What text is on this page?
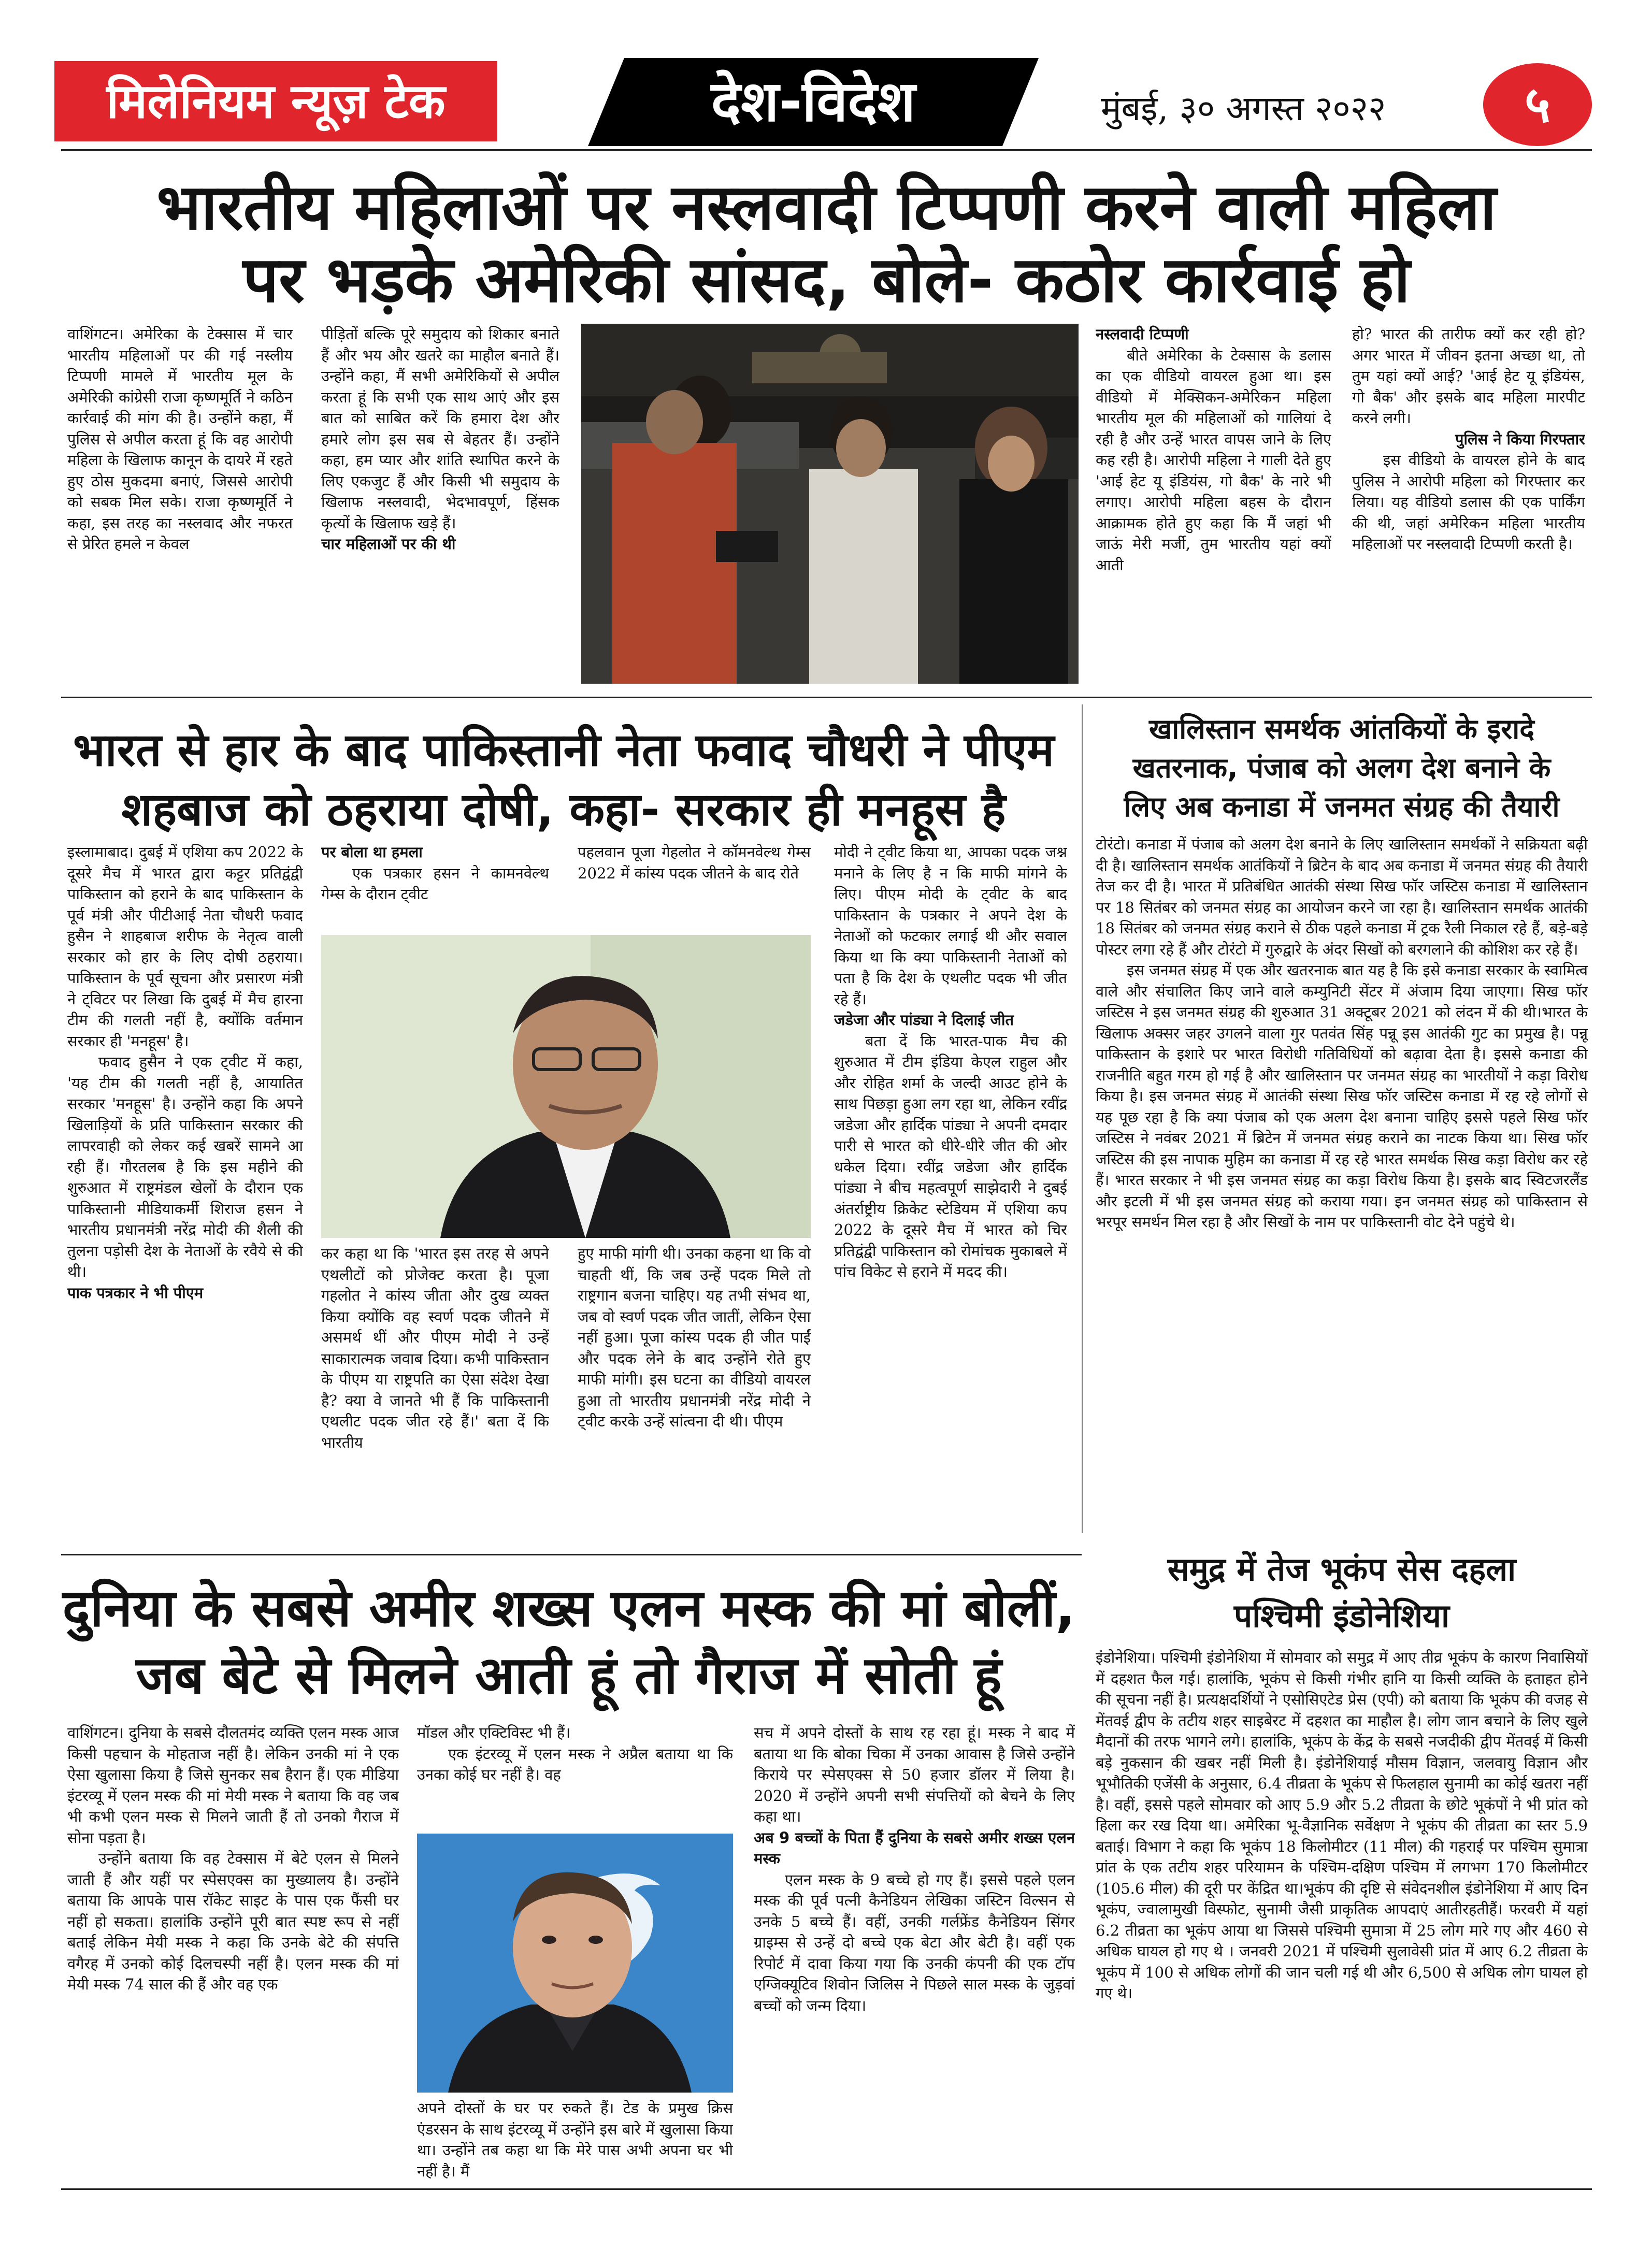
मिलेनियम न्यूज़ टेक	देश-विदेश	मुंबई, ३० अगस्त २०२२	५
भारतीय महिलाओं पर नस्लवादी टिप्पणी करने वाली महिला
पर भड़के अमेरिकी सांसद, बोले- कठोर कार्रवाई हो

वाशिंगटन। अमेरिका के टेक्सास में चार भारतीय महिलाओं पर की गई नस्लीय टिप्पणी मामले में भारतीय मूल के अमेरिकी कांग्रेसी राजा कृष्णमूर्ति ने कठिन कार्रवाई की मांग की है। उन्होंने कहा, मैं पुलिस से अपील करता हूं कि वह आरोपी महिला के खिलाफ कानून के दायरे में रहते हुए ठोस मुकदमा बनाएं, जिससे आरोपी को सबक मिल सके। राजा कृष्णमूर्ति ने कहा, इस तरह का नस्लवाद और नफरत से प्रेरित हमले न केवल

पीड़ितों बल्कि पूरे समुदाय को शिकार बनाते हैं और भय और खतरे का माहौल बनाते हैं। उन्होंने कहा, मैं सभी अमेरिकियों से अपील करता हूं कि सभी एक साथ आएं और इस बात को साबित करें कि हमारा देश और हमारे लोग इस सब से बेहतर हैं। उन्होंने कहा, हम प्यार और शांति स्थापित करने के लिए एकजुट हैं और किसी भी समुदाय के खिलाफ नस्लवादी, भेदभावपूर्ण, हिंसक कृत्यों के खिलाफ खड़े हैं।

चार महिलाओं पर की थी
नस्लवादी टिप्पणी

बीते अमेरिका के टेक्सास के डलास का एक वीडियो वायरल हुआ था। इस वीडियो में मेक्सिकन-अमेरिकन महिला भारतीय मूल की महिलाओं को गालियां दे रही है और उन्हें भारत वापस जाने के लिए कह रही है। आरोपी महिला ने गाली देते हुए 'आई हेट यू इंडियंस, गो बैक' के नारे भी लगाए। आरोपी महिला बहस के दौरान आक्रामक होते हुए कहा कि मैं जहां भी जाऊं मेरी मर्जी, तुम भारतीय यहां क्यों आती

हो? भारत की तारीफ क्यों कर रही हो? अगर भारत में जीवन इतना अच्छा था, तो तुम यहां क्यों आई? 'आई हेट यू इंडियंस, गो बैक' और इसके बाद महिला मारपीट करने लगी।

पुलिस ने किया गिरफ्तार

इस वीडियो के वायरल होने के बाद पुलिस ने आरोपी महिला को गिरफ्तार कर लिया। यह वीडियो डलास की एक पार्किंग की थी, जहां अमेरिकन महिला भारतीय महिलाओं पर नस्लवादी टिप्पणी करती है।

भारत से हार के बाद पाकिस्तानी नेता फवाद चौधरी ने पीएम
शहबाज को ठहराया दोषी, कहा- सरकार ही मनहूस है

इस्लामाबाद। दुबई में एशिया कप 2022 के दूसरे मैच में भारत द्वारा कट्टर प्रतिद्वंद्वी पाकिस्तान को हराने के बाद पाकिस्तान के पूर्व मंत्री और पीटीआई नेता चौधरी फवाद हुसैन ने शाहबाज शरीफ के नेतृत्व वाली सरकार को हार के लिए दोषी ठहराया। पाकिस्तान के पूर्व सूचना और प्रसारण मंत्री ने ट्विटर पर लिखा कि दुबई में मैच हारना टीम की गलती नहीं है, क्योंकि वर्तमान सरकार ही 'मनहूस' है।

फवाद हुसैन ने एक ट्वीट में कहा, 'यह टीम की गलती नहीं है, आयातित सरकार 'मनहूस' है। उन्होंने कहा कि अपने खिलाड़ियों के प्रति पाकिस्तान सरकार की लापरवाही को लेकर कई खबरें सामने आ रही हैं। गौरतलब है कि इस महीने की शुरुआत में राष्ट्रमंडल खेलों के दौरान एक पाकिस्तानी मीडियाकर्मी शिराज हसन ने भारतीय प्रधानमंत्री नरेंद्र मोदी की शैली की तुलना पड़ोसी देश के नेताओं के रवैये से की थी।

पाक पत्रकार ने भी पीएम
पर बोला था हमला

एक पत्रकार हसन ने कामनवेल्थ गेम्स के दौरान ट्वीट

पहलवान पूजा गेहलोत ने कॉमनवेल्थ गेम्स 2022 में कांस्य पदक जीतने के बाद रोते

कर कहा था कि 'भारत इस तरह से अपने एथलीटों को प्रोजेक्ट करता है। पूजा गहलोत ने कांस्य जीता और दुख व्यक्त किया क्योंकि वह स्वर्ण पदक जीतने में असमर्थ थीं और पीएम मोदी ने उन्हें साकारात्मक जवाब दिया। कभी पाकिस्तान के पीएम या राष्ट्रपति का ऐसा संदेश देखा है? क्या वे जानते भी हैं कि पाकिस्तानी एथलीट पदक जीत रहे हैं।' बता दें कि भारतीय

हुए माफी मांगी थी। उनका कहना था कि वो चाहती थीं, कि जब उन्हें पदक मिले तो राष्ट्रगान बजना चाहिए। यह तभी संभव था, जब वो स्वर्ण पदक जीत जातीं, लेकिन ऐसा नहीं हुआ। पूजा कांस्य पदक ही जीत पाईं और पदक लेने के बाद उन्होंने रोते हुए माफी मांगी। इस घटना का वीडियो वायरल हुआ तो भारतीय प्रधानमंत्री नरेंद्र मोदी ने ट्वीट करके उन्हें सांत्वना दी थी। पीएम

मोदी ने ट्वीट किया था, आपका पदक जश्न मनाने के लिए है न कि माफी मांगने के लिए। पीएम मोदी के ट्वीट के बाद पाकिस्तान के पत्रकार ने अपने देश के नेताओं को फटकार लगाई थी और सवाल किया था कि क्या पाकिस्तानी नेताओं को पता है कि देश के एथलीट पदक भी जीत रहे हैं।

जडेजा और पांड्या ने दिलाई जीत

बता दें कि भारत-पाक मैच की शुरुआत में टीम इंडिया केएल राहुल और और रोहित शर्मा के जल्दी आउट होने के साथ पिछड़ा हुआ लग रहा था, लेकिन रवींद्र जडेजा और हार्दिक पांड्या ने अपनी दमदार पारी से भारत को धीरे-धीरे जीत की ओर धकेल दिया। रवींद्र जडेजा और हार्दिक पांड्या ने बीच महत्वपूर्ण साझेदारी ने दुबई अंतर्राष्ट्रीय क्रिकेट स्टेडियम में एशिया कप 2022 के दूसरे मैच में भारत को चिर प्रतिद्वंद्वी पाकिस्तान को रोमांचक मुकाबले में पांच विकेट से हराने में मदद की।

खालिस्तान समर्थक आंतकियों के इरादे
खतरनाक, पंजाब को अलग देश बनाने के
लिए अब कनाडा में जनमत संग्रह की तैयारी

टोरंटो। कनाडा में पंजाब को अलग देश बनाने के लिए खालिस्तान समर्थकों ने सक्रियता बढ़ी दी है। खालिस्तान समर्थक आतंकियों ने ब्रिटेन के बाद अब कनाडा में जनमत संग्रह की तैयारी तेज कर दी है। भारत में प्रतिबंधित आतंकी संस्था सिख फॉर जस्टिस कनाडा में खालिस्तान पर 18 सितंबर को जनमत संग्रह का आयोजन करने जा रहा है। खालिस्तान समर्थक आतंकी 18 सितंबर को जनमत संग्रह कराने से ठीक पहले कनाडा में ट्रक रैली निकाल रहे हैं, बड़े-बड़े पोस्टर लगा रहे हैं और टोरंटो में गुरुद्वारे के अंदर सिखों को बरगलाने की कोशिश कर रहे हैं।

इस जनमत संग्रह में एक और खतरनाक बात यह है कि इसे कनाडा सरकार के स्वामित्व वाले और संचालित किए जाने वाले कम्युनिटी सेंटर में अंजाम दिया जाएगा। सिख फॉर जस्टिस ने इस जनमत संग्रह की शुरुआत 31 अक्टूबर 2021 को लंदन में की थी।भारत के खिलाफ अक्सर जहर उगलने वाला गुर पतवंत सिंह पन्नू इस आतंकी गुट का प्रमुख है। पन्नू पाकिस्तान के इशारे पर भारत विरोधी गतिविधियों को बढ़ावा देता है। इससे कनाडा की राजनीति बहुत गरम हो गई है और खालिस्तान पर जनमत संग्रह का भारतीयों ने कड़ा विरोध किया है। इस जनमत संग्रह में आतंकी संस्था सिख फॉर जस्टिस कनाडा में रह रहे लोगों से यह पूछ रहा है कि क्या पंजाब को एक अलग देश बनाना चाहिए इससे पहले सिख फॉर जस्टिस ने नवंबर 2021 में ब्रिटेन में जनमत संग्रह कराने का नाटक किया था। सिख फॉर जस्टिस की इस नापाक मुहिम का कनाडा में रह रहे भारत समर्थक सिख कड़ा विरोध कर रहे हैं। भारत सरकार ने भी इस जनमत संग्रह का कड़ा विरोध किया है। इसके बाद स्विटजरलैंड और इटली में भी इस जनमत संग्रह को कराया गया। इन जनमत संग्रह को पाकिस्तान से भरपूर समर्थन मिल रहा है और सिखों के नाम पर पाकिस्तानी वोट देने पहुंचे थे।

समुद्र में तेज भूकंप सेस दहला
पश्चिमी इंडोनेशिया

इंडोनेशिया। पश्चिमी इंडोनेशिया में सोमवार को समुद्र में आए तीव्र भूकंप के कारण निवासियों में दहशत फैल गई। हालांकि, भूकंप से किसी गंभीर हानि या किसी व्यक्ति के हताहत होने की सूचना नहीं है। प्रत्यक्षदर्शियों ने एसोसिएटेड प्रेस (एपी) को बताया कि भूकंप की वजह से मेंतवई द्वीप के तटीय शहर साइबेरट में दहशत का माहौल है। लोग जान बचाने के लिए खुले मैदानों की तरफ भागने लगे। हालांकि, भूकंप के केंद्र के सबसे नजदीकी द्वीप मेंतवई में किसी बड़े नुकसान की खबर नहीं मिली है। इंडोनेशियाई मौसम विज्ञान, जलवायु विज्ञान और भूभौतिकी एजेंसी के अनुसार, 6.4 तीव्रता के भूकंप से फिलहाल सुनामी का कोई खतरा नहीं है। वहीं, इससे पहले सोमवार को आए 5.9 और 5.2 तीव्रता के छोटे भूकंपों ने भी प्रांत को हिला कर रख दिया था। अमेरिका भू-वैज्ञानिक सर्वेक्षण ने भूकंप की तीव्रता का स्तर 5.9 बताई। विभाग ने कहा कि भूकंप 18 किलोमीटर (11 मील) की गहराई पर पश्चिम सुमात्रा प्रांत के एक तटीय शहर परियामन के पश्चिम-दक्षिण पश्चिम में लगभग 170 किलोमीटर (105.6 मील) की दूरी पर केंद्रित था।भूकंप की दृष्टि से संवेदनशील इंडोनेशिया में आए दिन भूकंप, ज्वालामुखी विस्फोट, सुनामी जैसी प्राकृतिक आपदाएं आतीरहतीहैं। फरवरी में यहां 6.2 तीव्रता का भूकंप आया था जिससे पश्चिमी सुमात्रा में 25 लोग मारे गए और 460 से अधिक घायल हो गए थे । जनवरी 2021 में पश्चिमी सुलावेसी प्रांत में आए 6.2 तीव्रता के भूकंप में 100 से अधिक लोगों की जान चली गई थी और 6,500 से अधिक लोग घायल हो गए थे।

दुनिया के सबसे अमीर शख्स एलन मस्क की मां बोलीं,
जब बेटे से मिलने आती हूं तो गैराज में सोती हूं

वाशिंगटन। दुनिया के सबसे दौलतमंद व्यक्ति एलन मस्क आज किसी पहचान के मोहताज नहीं है। लेकिन उनकी मां ने एक ऐसा खुलासा किया है जिसे सुनकर सब हैरान हैं। एक मीडिया इंटरव्यू में एलन मस्क की मां मेयी मस्क ने बताया कि वह जब भी कभी एलन मस्क से मिलने जाती हैं तो उनको गैराज में सोना पड़ता है।

उन्होंने बताया कि वह टेक्सास में बेटे एलन से मिलने जाती हैं और यहीं पर स्पेसएक्स का मुख्यालय है। उन्होंने बताया कि आपके पास रॉकेट साइट के पास एक फैंसी घर नहीं हो सकता। हालांकि उन्होंने पूरी बात स्पष्ट रूप से नहीं बताई लेकिन मेयी मस्क ने कहा कि उनके बेटे की संपत्ति वगैरह में उनको कोई दिलचस्पी नहीं है। एलन मस्क की मां मेयी मस्क 74 साल की हैं और वह एक

मॉडल और एक्टिविस्ट भी हैं।

एक इंटरव्यू में एलन मस्क ने अप्रैल बताया था कि उनका कोई घर नहीं है। वह

अपने दोस्तों के घर पर रुकते हैं। टेड के प्रमुख क्रिस एंडरसन के साथ इंटरव्यू में उन्होंने इस बारे में खुलासा किया था। उन्होंने तब कहा था कि मेरे पास अभी अपना घर भी नहीं है। मैं

सच में अपने दोस्तों के साथ रह रहा हूं। मस्क ने बाद में बताया था कि बोका चिका में उनका आवास है जिसे उन्होंने किराये पर स्पेसएक्स से 50 हजार डॉलर में लिया है। 2020 में उन्होंने अपनी सभी संपत्तियों को बेचने के लिए कहा था।

अब 9 बच्चों के पिता हैं दुनिया के सबसे अमीर शख्स एलन मस्क

एलन मस्क के 9 बच्चे हो गए हैं। इससे पहले एलन मस्क की पूर्व पत्नी कैनेडियन लेखिका जस्टिन विल्सन से उनके 5 बच्चे हैं। वहीं, उनकी गर्लफ्रेंड कैनेडियन सिंगर ग्राइम्स से उन्हें दो बच्चे एक बेटा और बेटी है। वहीं एक रिपोर्ट में दावा किया गया कि उनकी कंपनी की एक टॉप एग्जिक्यूटिव शिवोन जिलिस ने पिछले साल मस्क के जुड़वां बच्चों को जन्म दिया।
